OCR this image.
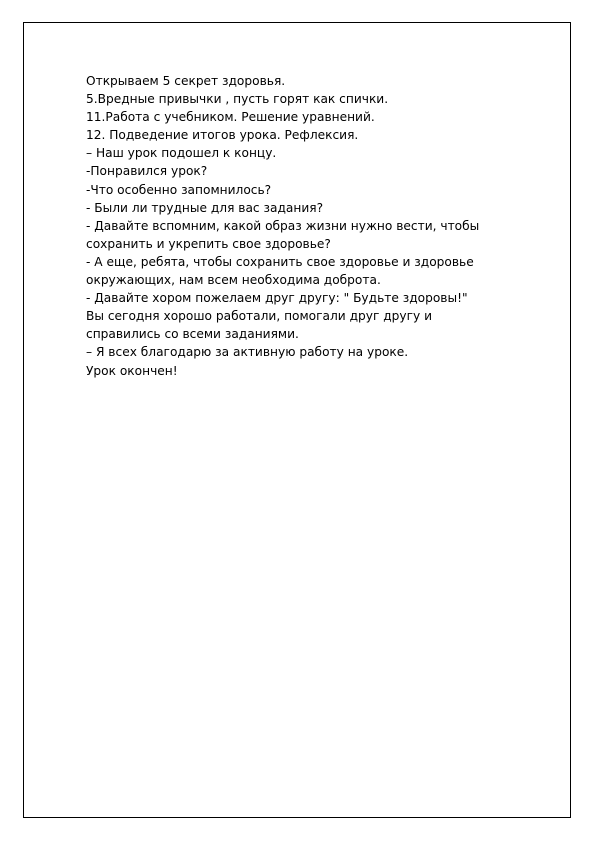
Открываем 5 секрет здоровья.
5.Вредные привычки , пусть горят как спички.
11.Работа с учебником. Решение уравнений.
12. Подведение итогов урока. Рефлексия.
– Наш урок подошел к концу.
-Понравился урок?
-Что особенно запомнилось?
- Были ли трудные для вас задания?
- Давайте вспомним, какой образ жизни нужно вести, чтобы
сохранить и укрепить свое здоровье?
- А еще, ребята, чтобы сохранить свое здоровье и здоровье
окружающих, нам всем необходима доброта.
- Давайте хором пожелаем друг другу: " Будьте здоровы!"
Вы сегодня хорошо работали, помогали друг другу и
справились со всеми заданиями.
– Я всех благодарю за активную работу на уроке.
Урок окончен!
